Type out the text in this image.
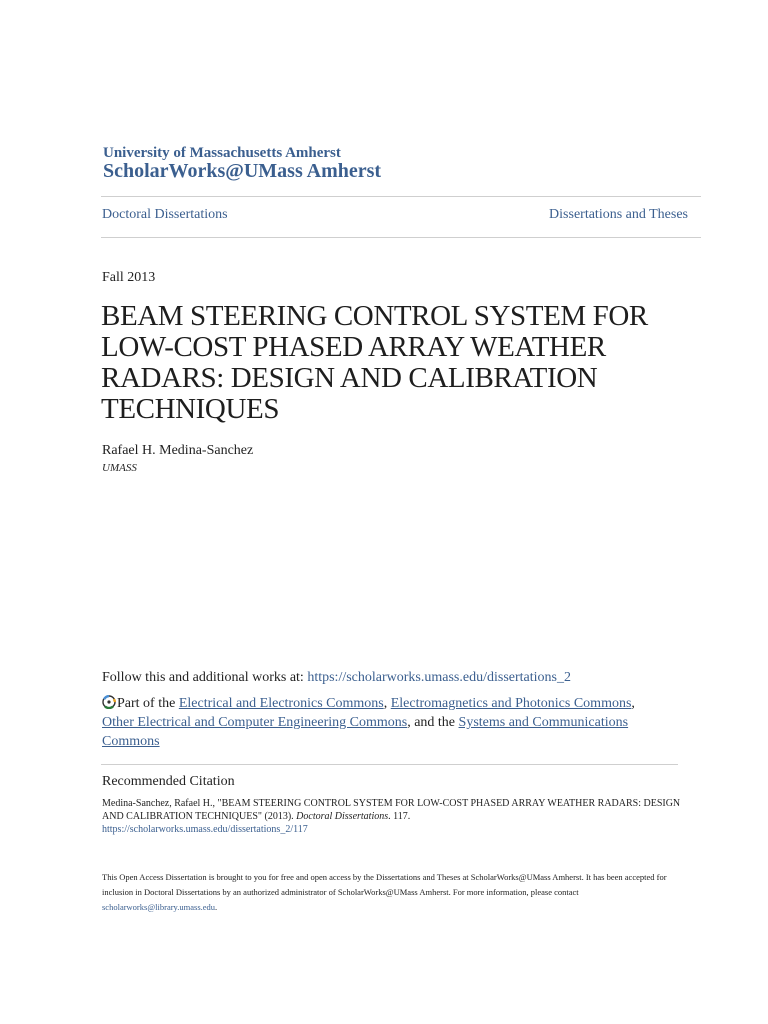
University of Massachusetts Amherst
ScholarWorks@UMass Amherst
Doctoral Dissertations	Dissertations and Theses
Fall 2013
BEAM STEERING CONTROL SYSTEM FOR LOW-COST PHASED ARRAY WEATHER RADARS: DESIGN AND CALIBRATION TECHNIQUES
Rafael H. Medina-Sanchez
UMASS
Follow this and additional works at: https://scholarworks.umass.edu/dissertations_2
Part of the Electrical and Electronics Commons, Electromagnetics and Photonics Commons, Other Electrical and Computer Engineering Commons, and the Systems and Communications Commons
Recommended Citation
Medina-Sanchez, Rafael H., "BEAM STEERING CONTROL SYSTEM FOR LOW-COST PHASED ARRAY WEATHER RADARS: DESIGN AND CALIBRATION TECHNIQUES" (2013). Doctoral Dissertations. 117.
https://scholarworks.umass.edu/dissertations_2/117
This Open Access Dissertation is brought to you for free and open access by the Dissertations and Theses at ScholarWorks@UMass Amherst. It has been accepted for inclusion in Doctoral Dissertations by an authorized administrator of ScholarWorks@UMass Amherst. For more information, please contact scholarworks@library.umass.edu.
